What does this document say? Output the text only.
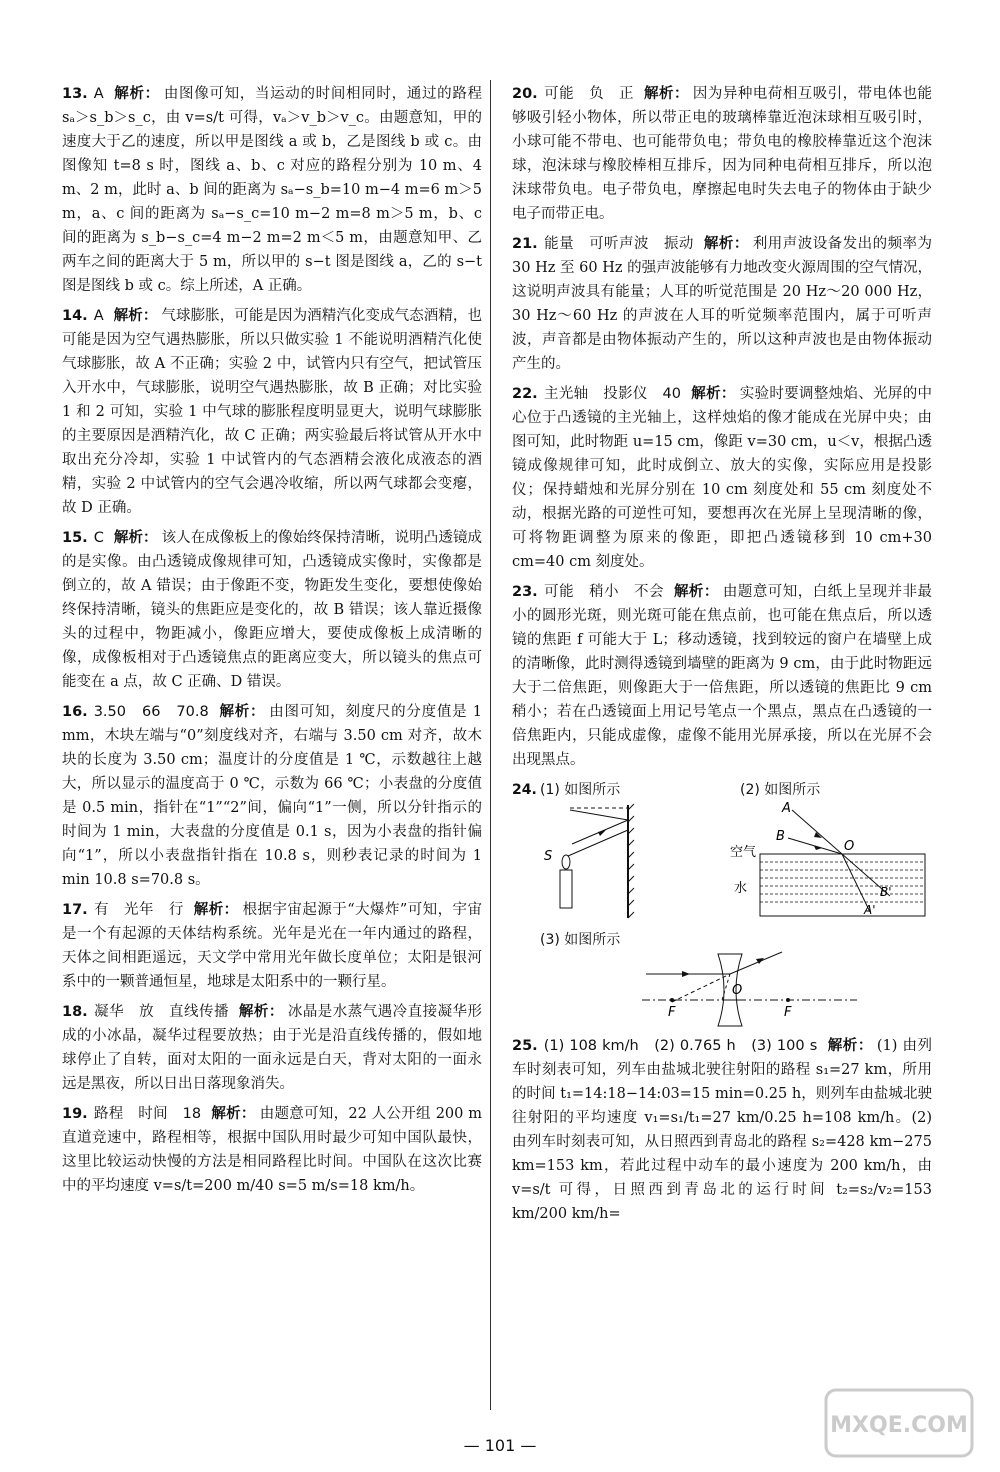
13. A 解析： 由图像可知，当运动的时间相同时，通过的路程 sₐ＞s_b＞s_c，由 v=s/t 可得，vₐ＞v_b＞v_c。由题意知，甲的速度大于乙的速度，所以甲是图线 a 或 b，乙是图线 b 或 c。由图像知 t=8 s 时，图线 a、b、c 对应的路程分别为 10 m、4 m、2 m，此时 a、b 间的距离为 sₐ−s_b=10 m−4 m=6 m＞5 m，a、c 间的距离为 sₐ−s_c=10 m−2 m=8 m＞5 m，b、c 间的距离为 s_b−s_c=4 m−2 m=2 m＜5 m，由题意知甲、乙两车之间的距离大于 5 m，所以甲的 s−t 图是图线 a，乙的 s−t 图是图线 b 或 c。综上所述，A 正确。
14. A 解析： 气球膨胀，可能是因为酒精汽化变成气态酒精，也可能是因为空气遇热膨胀，所以只做实验 1 不能说明酒精汽化使气球膨胀，故 A 不正确；实验 2 中，试管内只有空气，把试管压入开水中，气球膨胀，说明空气遇热膨胀，故 B 正确；对比实验 1 和 2 可知，实验 1 中气球的膨胀程度明显更大，说明气球膨胀的主要原因是酒精汽化，故 C 正确；两实验最后将试管从开水中取出充分冷却，实验 1 中试管内的气态酒精会液化成液态的酒精，实验 2 中试管内的空气会遇冷收缩，所以两气球都会变瘪，故 D 正确。
15. C 解析： 该人在成像板上的像始终保持清晰，说明凸透镜成的是实像。由凸透镜成像规律可知，凸透镜成实像时，实像都是倒立的，故 A 错误；由于像距不变，物距发生变化，要想使像始终保持清晰，镜头的焦距应是变化的，故 B 错误；该人靠近摄像头的过程中，物距减小，像距应增大，要使成像板上成清晰的像，成像板相对于凸透镜焦点的距离应变大，所以镜头的焦点可能变在 a 点，故 C 正确、D 错误。
16. 3.50　66　70.8 解析： 由图可知，刻度尺的分度值是 1 mm，木块左端与“0”刻度线对齐，右端与 3.50 cm 对齐，故木块的长度为 3.50 cm；温度计的分度值是 1 ℃，示数越往上越大，所以显示的温度高于 0 ℃，示数为 66 ℃；小表盘的分度值是 0.5 min，指针在“1”“2”间，偏向“1”一侧，所以分针指示的时间为 1 min，大表盘的分度值是 0.1 s，因为小表盘的指针偏向“1”，所以小表盘指针指在 10.8 s，则秒表记录的时间为 1 min 10.8 s=70.8 s。
17. 有　光年　行 解析： 根据宇宙起源于“大爆炸”可知，宇宙是一个有起源的天体结构系统。光年是光在一年内通过的路程，天体之间相距遥远，天文学中常用光年做长度单位；太阳是银河系中的一颗普通恒星，地球是太阳系中的一颗行星。
18. 凝华　放　直线传播 解析： 冰晶是水蒸气遇冷直接凝华形成的小冰晶，凝华过程要放热；由于光是沿直线传播的，假如地球停止了自转，面对太阳的一面永远是白天，背对太阳的一面永远是黑夜，所以日出日落现象消失。
19. 路程　时间　18 解析： 由题意可知，22 人公开组 200 m 直道竞速中，路程相等，根据中国队用时最少可知中国队最快，这里比较运动快慢的方法是相同路程比时间。中国队在这次比赛中的平均速度 v=s/t=200 m/40 s=5 m/s=18 km/h。
20. 可能　负　正 解析： 因为异种电荷相互吸引，带电体也能够吸引轻小物体，所以带正电的玻璃棒靠近泡沫球相互吸引时，小球可能不带电、也可能带负电；带负电的橡胶棒靠近这个泡沫球，泡沫球与橡胶棒相互排斥，因为同种电荷相互排斥，所以泡沫球带负电。电子带负电，摩擦起电时失去电子的物体由于缺少电子而带正电。
21. 能量　可听声波　振动 解析： 利用声波设备发出的频率为 30 Hz 至 60 Hz 的强声波能够有力地改变火源周围的空气情况，这说明声波具有能量；人耳的听觉范围是 20 Hz～20 000 Hz，30 Hz～60 Hz 的声波在人耳的听觉频率范围内，属于可听声波，声音都是由物体振动产生的，所以这种声波也是由物体振动产生的。
22. 主光轴　投影仪　40 解析： 实验时要调整烛焰、光屏的中心位于凸透镜的主光轴上，这样烛焰的像才能成在光屏中央；由图可知，此时物距 u=15 cm，像距 v=30 cm，u＜v，根据凸透镜成像规律可知，此时成倒立、放大的实像，实际应用是投影仪；保持蜡烛和光屏分别在 10 cm 刻度处和 55 cm 刻度处不动，根据光路的可逆性可知，要想再次在光屏上呈现清晰的像，可将物距调整为原来的像距，即把凸透镜移到 10 cm+30 cm=40 cm 刻度处。
23. 可能　稍小　不会 解析： 由题意可知，白纸上呈现并非最小的圆形光斑，则光斑可能在焦点前，也可能在焦点后，所以透镜的焦距 f 可能大于 L；移动透镜，找到较远的窗户在墙壁上成的清晰像，此时测得透镜到墙壁的距离为 9 cm，由于此时物距远大于二倍焦距，则像距大于一倍焦距，所以透镜的焦距比 9 cm 稍小；若在凸透镜面上用记号笔点一个黑点，黑点在凸透镜的一倍焦距内，只能成虚像，虚像不能用光屏承接，所以在光屏不会出现黑点。
24. (1) 如图所示	(2) 如图所示
(3) 如图所示
S
A
B
O
空气
水	B'
A'
F
O
F
25. (1) 108 km/h　(2) 0.765 h　(3) 100 s 解析： (1) 由列车时刻表可知，列车由盐城北驶往射阳的路程 s₁=27 km，所用的时间 t₁=14:18−14:03=15 min=0.25 h，则列车由盐城北驶往射阳的平均速度 v₁=s₁/t₁=27 km/0.25 h=108 km/h。(2) 由列车时刻表可知，从日照西到青岛北的路程 s₂=428 km−275 km=153 km，若此过程中动车的最小速度为 200 km/h，由 v=s/t 可得，日照西到青岛北的运行时间 t₂=s₂/v₂=153 km/200 km/h=
— 101 —
MXQE.COM
